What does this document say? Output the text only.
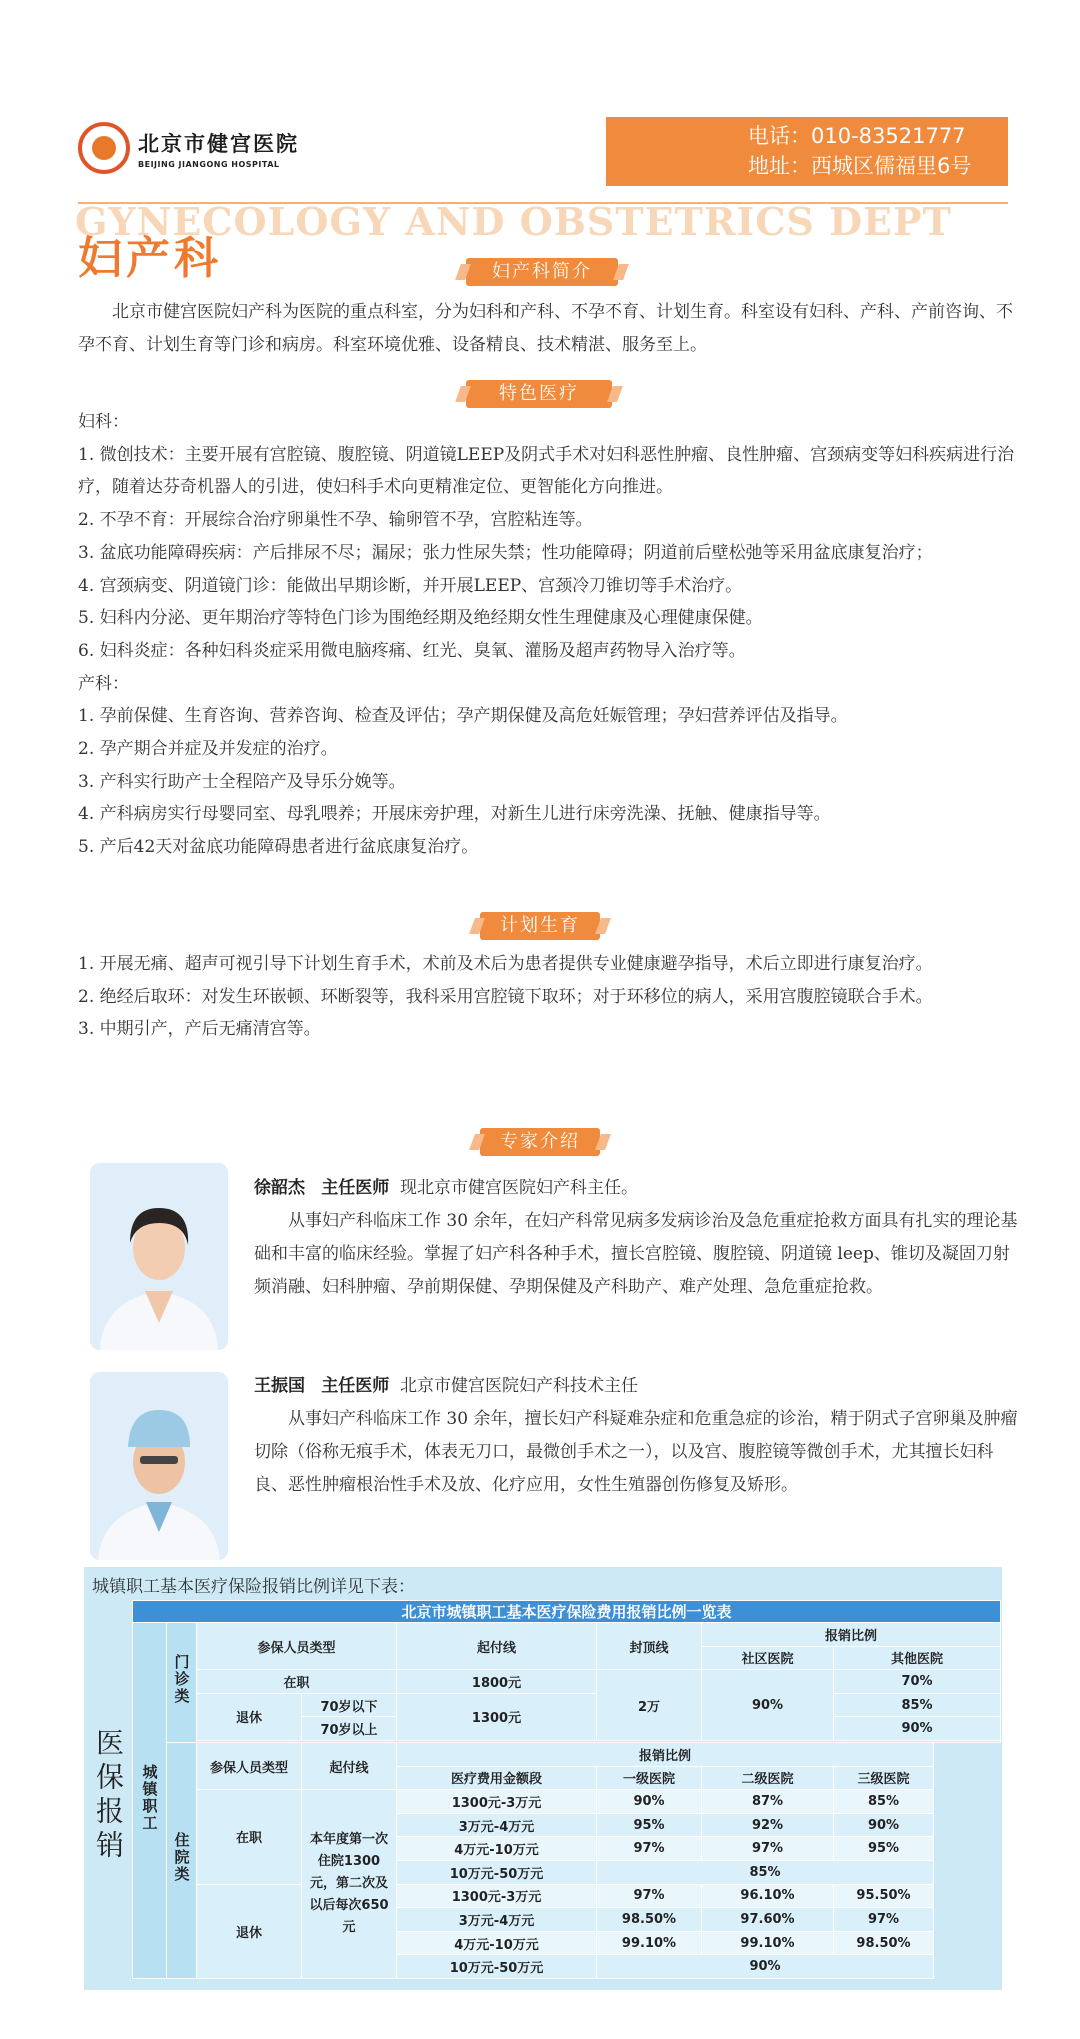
北京市健宫医院
BEIJING JIANGONG HOSPITAL
电话：010-83521777
地址：西城区儒福里6号
GYNECOLOGY AND OBSTETRICS DEPT
妇产科	妇产科简介
北京市健宫医院妇产科为医院的重点科室，分为妇科和产科、不孕不育、计划生育。科室设有妇科、产科、产前咨询、不孕不育、计划生育等门诊和病房。科室环境优雅、设备精良、技术精湛、服务至上。
特色医疗
妇科：
1. 微创技术：主要开展有宫腔镜、腹腔镜、阴道镜LEEP及阴式手术对妇科恶性肿瘤、良性肿瘤、宫颈病变等妇科疾病进行治疗，随着达芬奇机器人的引进，使妇科手术向更精准定位、更智能化方向推进。
2. 不孕不育：开展综合治疗卵巢性不孕、输卵管不孕，宫腔粘连等。
3. 盆底功能障碍疾病：产后排尿不尽；漏尿；张力性尿失禁；性功能障碍；阴道前后壁松弛等采用盆底康复治疗；
4. 宫颈病变、阴道镜门诊：能做出早期诊断，并开展LEEP、宫颈冷刀锥切等手术治疗。
5. 妇科内分泌、更年期治疗等特色门诊为围绝经期及绝经期女性生理健康及心理健康保健。
6. 妇科炎症：各种妇科炎症采用微电脑疼痛、红光、臭氧、灌肠及超声药物导入治疗等。
产科：
1. 孕前保健、生育咨询、营养咨询、检查及评估；孕产期保健及高危妊娠管理；孕妇营养评估及指导。
2. 孕产期合并症及并发症的治疗。
3. 产科实行助产士全程陪产及导乐分娩等。
4. 产科病房实行母婴同室、母乳喂养；开展床旁护理，对新生儿进行床旁洗澡、抚触、健康指导等。
5. 产后42天对盆底功能障碍患者进行盆底康复治疗。
计划生育
1. 开展无痛、超声可视引导下计划生育手术，术前及术后为患者提供专业健康避孕指导，术后立即进行康复治疗。
2. 绝经后取环：对发生环嵌顿、环断裂等，我科采用宫腔镜下取环；对于环移位的病人，采用宫腹腔镜联合手术。
3. 中期引产，产后无痛清宫等。
专家介绍
徐韶杰 主任医师 现北京市健宫医院妇产科主任。
从事妇产科临床工作 30 余年，在妇产科常见病多发病诊治及急危重症抢救方面具有扎实的理论基础和丰富的临床经验。掌握了妇产科各种手术，擅长宫腔镜、腹腔镜、阴道镜 leep、锥切及凝固刀射频消融、妇科肿瘤、孕前期保健、孕期保健及产科助产、难产处理、急危重症抢救。
王振国 主任医师 北京市健宫医院妇产科技术主任
从事妇产科临床工作 30 余年，擅长妇产科疑难杂症和危重急症的诊治，精于阴式子宫卵巢及肿瘤切除（俗称无痕手术，体表无刀口，最微创手术之一），以及宫、腹腔镜等微创手术，尤其擅长妇科良、恶性肿瘤根治性手术及放、化疗应用，女性生殖器创伤修复及矫形。
城镇职工基本医疗保险报销比例详见下表：
医保报销
北京市城镇职工基本医疗保险费用报销比例一览表							
城镇职工	门诊类	参保人员类型		起付线	封顶线	报销比例	
						社区医院	其他医院
		在职		1800元	2万	90%	70%
		退休	70岁以下	1300元			85%
			70岁以上				90%

	住院类	参保人员类型	起付线	报销比例			
				医疗费用金额段	一级医院	二级医院	三级医院
		在职	本年度第一次住院1300元，第二次及以后每次650元	1300元-3万元	90%	87%	85%
				3万元-4万元	95%	92%	90%
				4万元-10万元	97%	97%	95%
				10万元-50万元	85%		
		退休		1300元-3万元	97%	96.10%	95.50%
				3万元-4万元	98.50%	97.60%	97%
				4万元-10万元	99.10%	99.10%	98.50%
				10万元-50万元	90%		
